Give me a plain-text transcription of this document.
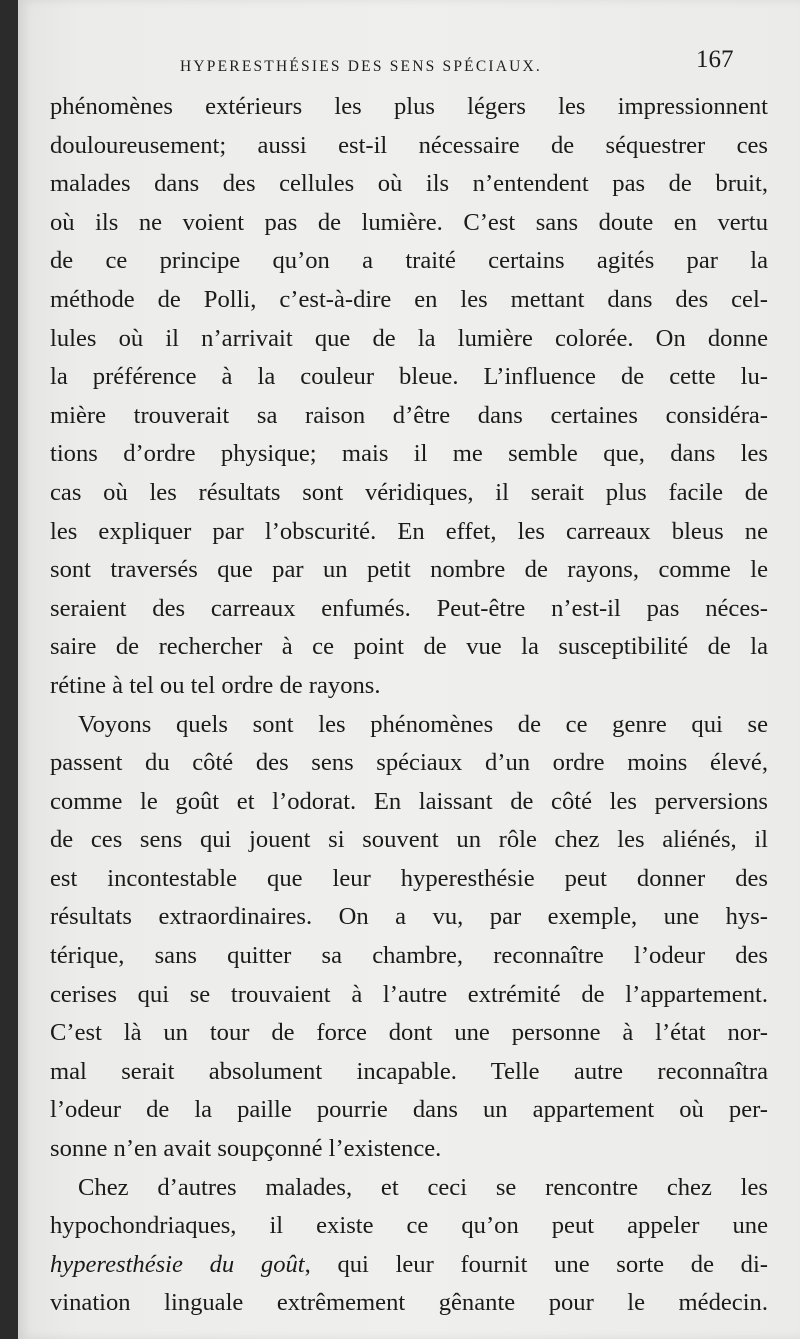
HYPERESTHÉSIES DES SENS SPÉCIAUX.	167
phénomènes extérieurs les plus légers les impressionnent
douloureusement; aussi est-il nécessaire de séquestrer ces
malades dans des cellules où ils n’entendent pas de bruit,
où ils ne voient pas de lumière. C’est sans doute en vertu
de ce principe qu’on a traité certains agités par la
méthode de Polli, c’est-à-dire en les mettant dans des cel-
lules où il n’arrivait que de la lumière colorée. On donne
la préférence à la couleur bleue. L’influence de cette lu-
mière trouverait sa raison d’être dans certaines considéra-
tions d’ordre physique; mais il me semble que, dans les
cas où les résultats sont véridiques, il serait plus facile de
les expliquer par l’obscurité. En effet, les carreaux bleus ne
sont traversés que par un petit nombre de rayons, comme le
seraient des carreaux enfumés. Peut-être n’est-il pas néces-
saire de rechercher à ce point de vue la susceptibilité de la
rétine à tel ou tel ordre de rayons.
Voyons quels sont les phénomènes de ce genre qui se
passent du côté des sens spéciaux d’un ordre moins élevé,
comme le goût et l’odorat. En laissant de côté les perversions
de ces sens qui jouent si souvent un rôle chez les aliénés, il
est incontestable que leur hyperesthésie peut donner des
résultats extraordinaires. On a vu, par exemple, une hys-
térique, sans quitter sa chambre, reconnaître l’odeur des
cerises qui se trouvaient à l’autre extrémité de l’appartement.
C’est là un tour de force dont une personne à l’état nor-
mal serait absolument incapable. Telle autre reconnaîtra
l’odeur de la paille pourrie dans un appartement où per-
sonne n’en avait soupçonné l’existence.
Chez d’autres malades, et ceci se rencontre chez les
hypochondriaques, il existe ce qu’on peut appeler une
hyperesthésie du goût, qui leur fournit une sorte de di-
vination linguale extrêmement gênante pour le médecin.
